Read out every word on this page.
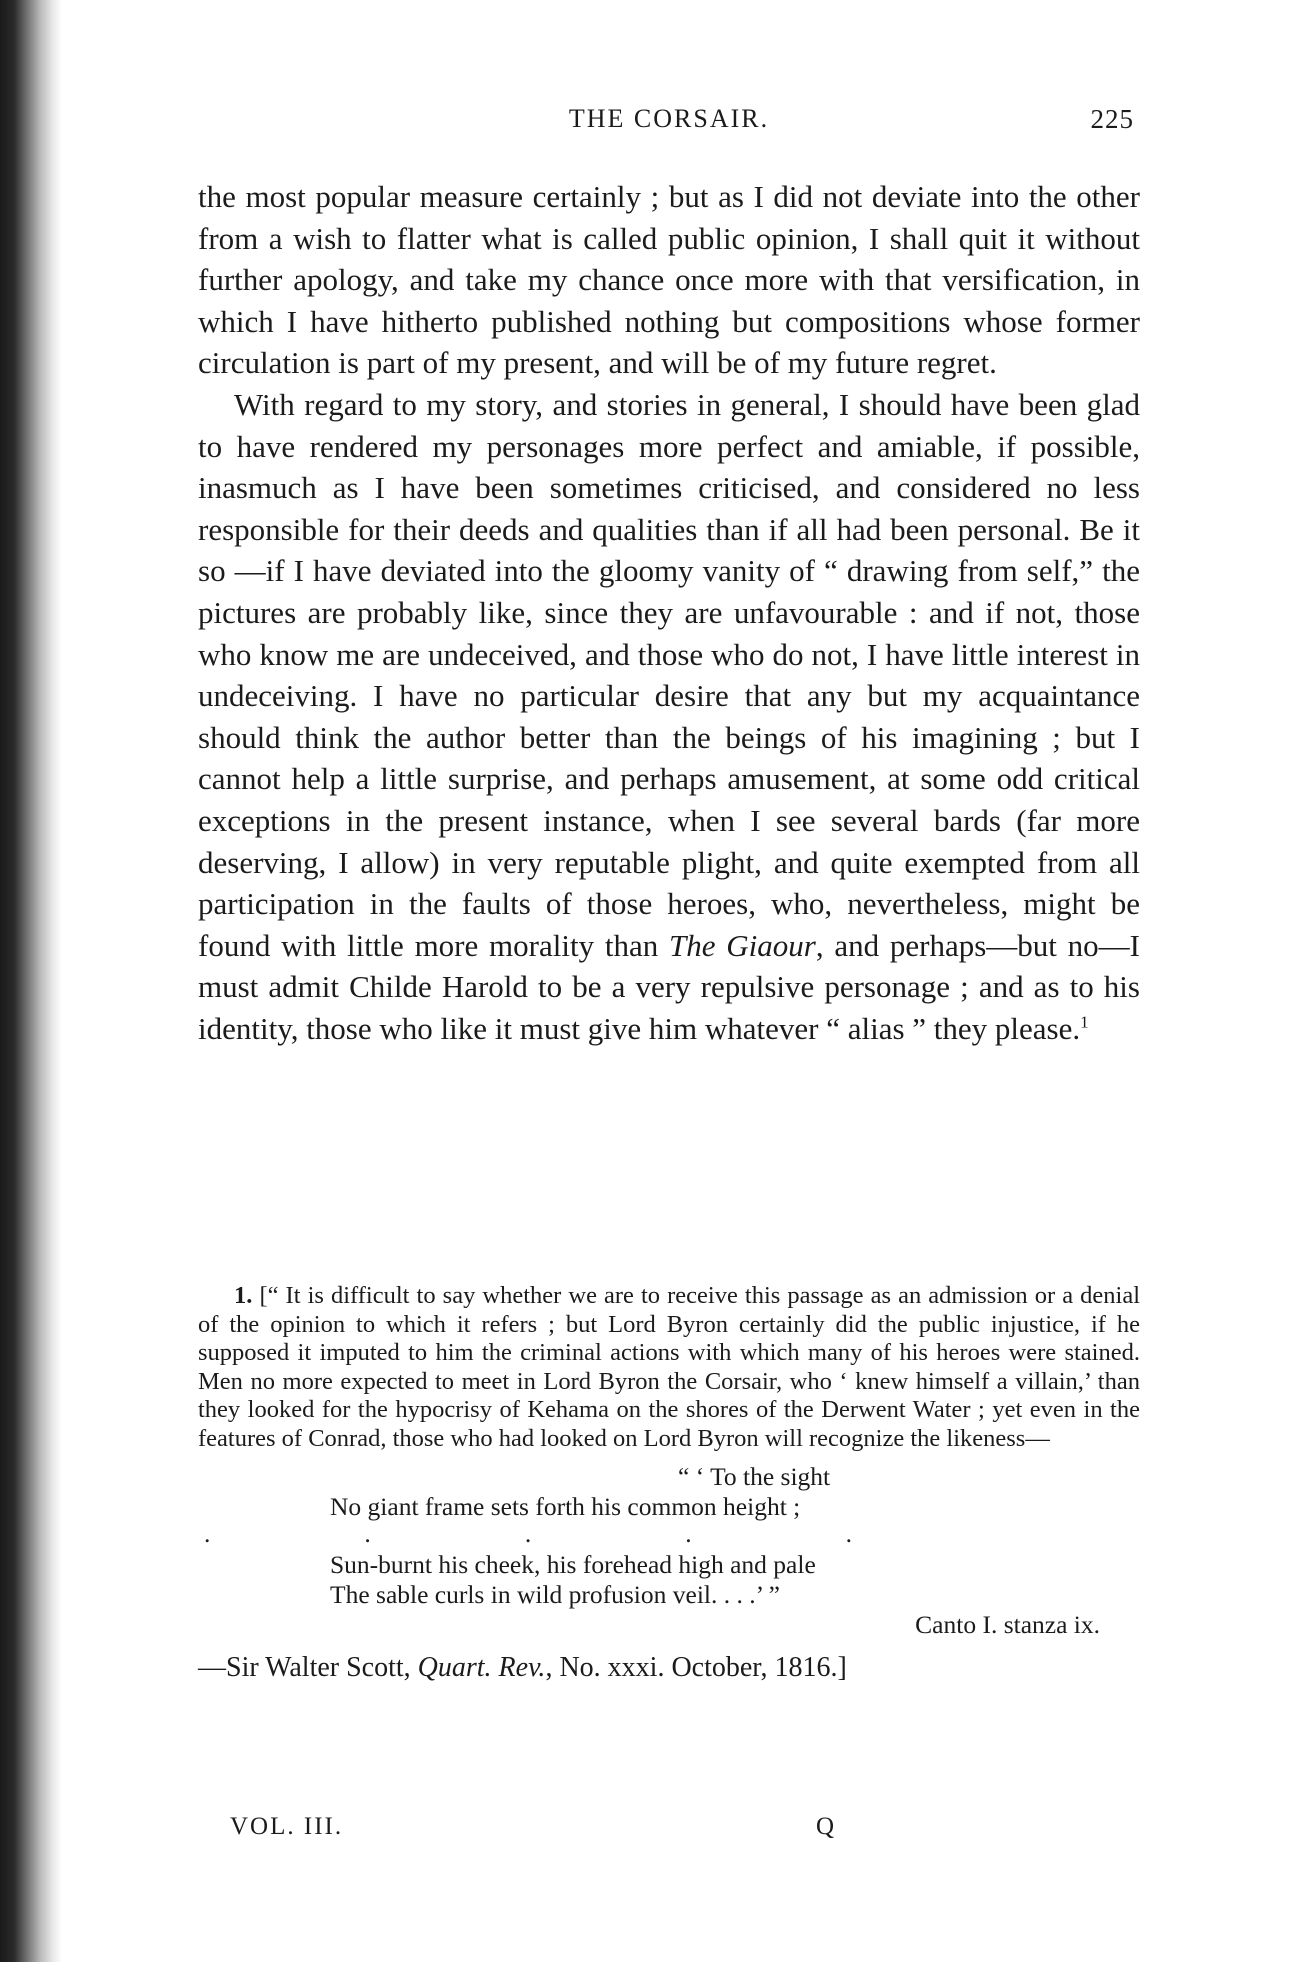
THE CORSAIR.	225

the most popular measure certainly ; but as I did not deviate into the other from a wish to flatter what is called public opinion, I shall quit it without further apology, and take my chance once more with that versification, in which I have hitherto published nothing but compositions whose former circulation is part of my present, and will be of my future regret.

With regard to my story, and stories in general, I should have been glad to have rendered my personages more perfect and amiable, if possible, inasmuch as I have been sometimes criticised, and considered no less responsible for their deeds and qualities than if all had been personal. Be it so —if I have deviated into the gloomy vanity of “ drawing from self,” the pictures are probably like, since they are unfavourable : and if not, those who know me are undeceived, and those who do not, I have little interest in undeceiving. I have no particular desire that any but my acquaintance should think the author better than the beings of his imagining ; but I cannot help a little surprise, and perhaps amusement, at some odd critical exceptions in the present instance, when I see several bards (far more deserving, I allow) in very reputable plight, and quite exempted from all participation in the faults of those heroes, who, nevertheless, might be found with little more morality than The Giaour, and perhaps—but no—I must admit Childe Harold to be a very repulsive personage ; and as to his identity, those who like it must give him whatever “ alias ” they please.$^1$

1. [“ It is difficult to say whether we are to receive this passage as an admission or a denial of the opinion to which it refers ; but Lord Byron certainly did the public injustice, if he supposed it imputed to him the criminal actions with which many of his heroes were stained. Men no more expected to meet in Lord Byron the Corsair, who ‘ knew himself a villain,’ than they looked for the hypocrisy of Kehama on the shores of the Derwent Water ; yet even in the features of Conrad, those who had looked on Lord Byron will recognize the likeness—

“ ‘ To the sight
No giant frame sets forth his common height ;
.	.	.	.	.
Sun-burnt his cheek, his forehead high and pale
The sable curls in wild profusion veil. . . .’ ”
Canto I. stanza ix.
—Sir Walter Scott, Quart. Rev., No. xxxi. October, 1816.]
VOL. III.	Q
